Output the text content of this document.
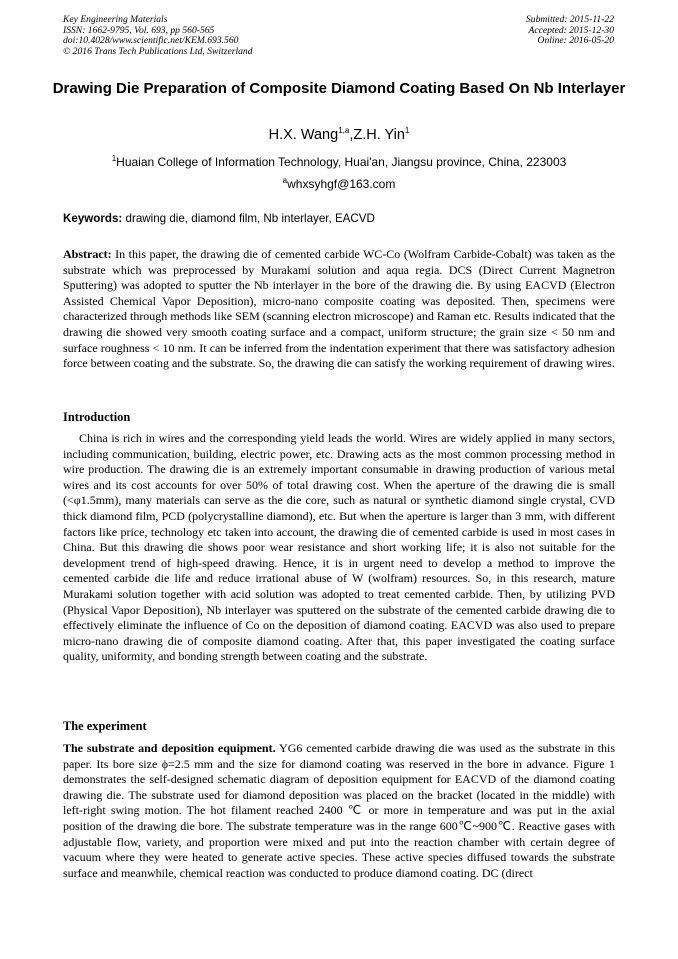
Key Engineering Materials
ISSN: 1662-9795, Vol. 693, pp 560-565
doi:10.4028/www.scientific.net/KEM.693.560
© 2016 Trans Tech Publications Ltd, Switzerland
Submitted: 2015-11-22
Accepted: 2015-12-30
Online: 2016-05-20
Drawing Die Preparation of Composite Diamond Coating Based On Nb Interlayer
H.X. Wang$^{1,a}$,Z.H. Yin$^1$
$^1$Huaian College of Information Technology, Huai'an, Jiangsu province, China, 223003
$^a$whxsyhgf@163.com
Keywords: drawing die, diamond film, Nb interlayer, EACVD
Abstract: In this paper, the drawing die of cemented carbide WC-Co (Wolfram Carbide-Cobalt) was taken as the substrate which was preprocessed by Murakami solution and aqua regia. DCS (Direct Current Magnetron Sputtering) was adopted to sputter the Nb interlayer in the bore of the drawing die. By using EACVD (Electron Assisted Chemical Vapor Deposition), micro-nano composite coating was deposited. Then, specimens were characterized through methods like SEM (scanning electron microscope) and Raman etc. Results indicated that the drawing die showed very smooth coating surface and a compact, uniform structure; the grain size < 50 nm and surface roughness < 10 nm. It can be inferred from the indentation experiment that there was satisfactory adhesion force between coating and the substrate. So, the drawing die can satisfy the working requirement of drawing wires.
Introduction
China is rich in wires and the corresponding yield leads the world. Wires are widely applied in many sectors, including communication, building, electric power, etc. Drawing acts as the most common processing method in wire production. The drawing die is an extremely important consumable in drawing production of various metal wires and its cost accounts for over 50% of total drawing cost. When the aperture of the drawing die is small (<φ1.5mm), many materials can serve as the die core, such as natural or synthetic diamond single crystal, CVD thick diamond film, PCD (polycrystalline diamond), etc. But when the aperture is larger than 3 mm, with different factors like price, technology etc taken into account, the drawing die of cemented carbide is used in most cases in China. But this drawing die shows poor wear resistance and short working life; it is also not suitable for the development trend of high-speed drawing. Hence, it is in urgent need to develop a method to improve the cemented carbide die life and reduce irrational abuse of W (wolfram) resources. So, in this research, mature Murakami solution together with acid solution was adopted to treat cemented carbide. Then, by utilizing PVD (Physical Vapor Deposition), Nb interlayer was sputtered on the substrate of the cemented carbide drawing die to effectively eliminate the influence of Co on the deposition of diamond coating. EACVD was also used to prepare micro-nano drawing die of composite diamond coating. After that, this paper investigated the coating surface quality, uniformity, and bonding strength between coating and the substrate.
The experiment
The substrate and deposition equipment. YG6 cemented carbide drawing die was used as the substrate in this paper. Its bore size ϕ=2.5 mm and the size for diamond coating was reserved in the bore in advance. Figure 1 demonstrates the self-designed schematic diagram of deposition equipment for EACVD of the diamond coating drawing die. The substrate used for diamond deposition was placed on the bracket (located in the middle) with left-right swing motion. The hot filament reached 2400 ℃ or more in temperature and was put in the axial position of the drawing die bore. The substrate temperature was in the range 600℃~900℃. Reactive gases with adjustable flow, variety, and proportion were mixed and put into the reaction chamber with certain degree of vacuum where they were heated to generate active species. These active species diffused towards the substrate surface and meanwhile, chemical reaction was conducted to produce diamond coating. DC (direct
